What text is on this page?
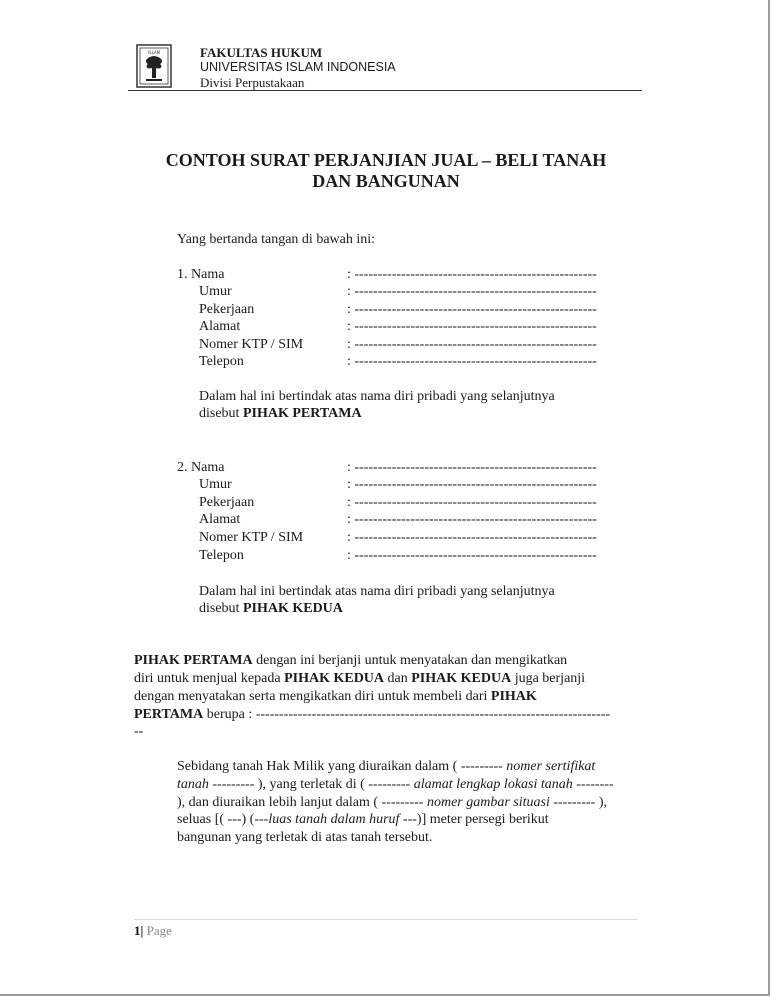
ISLAM	FAKULTAS HUKUM
UNIVERSITAS ISLAM INDONESIA
Divisi Perpustakaan
CONTOH SURAT PERJANJIAN JUAL – BELI TANAH
DAN BANGUNAN
Yang bertanda tangan di bawah ini:
1. Nama
Umur
Pekerjaan
Alamat
Nomer KTP / SIM
Telepon
: ----------------------------------------------------
: ----------------------------------------------------
: ----------------------------------------------------
: ----------------------------------------------------
: ----------------------------------------------------
: ----------------------------------------------------
Dalam hal ini bertindak atas nama diri pribadi yang selanjutnya
disebut PIHAK PERTAMA
2. Nama
Umur
Pekerjaan
Alamat
Nomer KTP / SIM
Telepon
: ----------------------------------------------------
: ----------------------------------------------------
: ----------------------------------------------------
: ----------------------------------------------------
: ----------------------------------------------------
: ----------------------------------------------------
Dalam hal ini bertindak atas nama diri pribadi yang selanjutnya
disebut PIHAK KEDUA
PIHAK PERTAMA dengan ini berjanji untuk menyatakan dan mengikatkan
diri untuk menjual kepada PIHAK KEDUA dan PIHAK KEDUA juga berjanji
dengan menyatakan serta mengikatkan diri untuk membeli dari PIHAK
PERTAMA berupa : ----------------------------------------------------------------------------
--
Sebidang tanah Hak Milik yang diuraikan dalam ( --------- nomer sertifikat
tanah --------- ), yang terletak di ( --------- alamat lengkap lokasi tanah --------
), dan diuraikan lebih lanjut dalam ( --------- nomer gambar situasi --------- ),
seluas [( ---) (---luas tanah dalam huruf ---)] meter persegi berikut
bangunan yang terletak di atas tanah tersebut.
1| Page
